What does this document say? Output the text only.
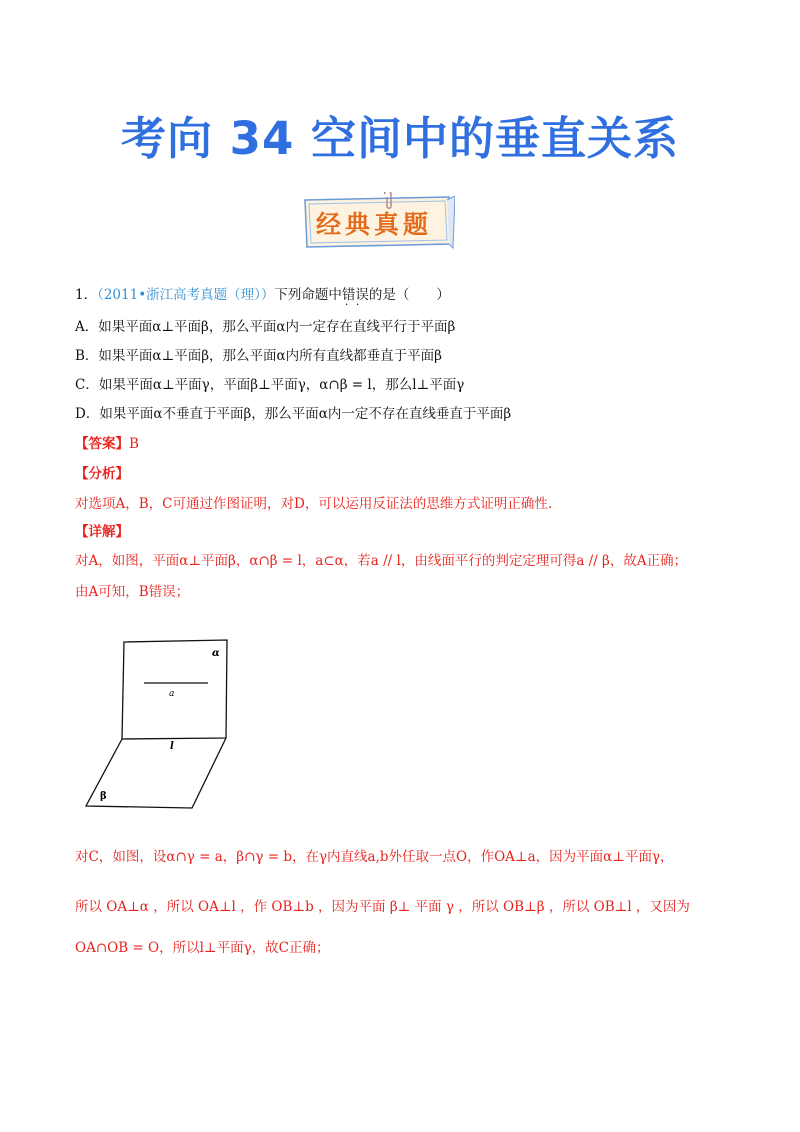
考向 34 空间中的垂直关系
经典真题
1．（2011•浙江高考真题（理））下列命题中错误 · ·的是（　　）
A．如果平面α⊥平面β，那么平面α内一定存在直线平行于平面β
B．如果平面α⊥平面β，那么平面α内所有直线都垂直于平面β
C．如果平面α⊥平面γ，平面β⊥平面γ，α∩β = l，那么l⊥平面γ
D．如果平面α不垂直于平面β，那么平面α内一定不存在直线垂直于平面β
【答案】B
【分析】
对选项A，B，C可通过作图证明，对D，可以运用反证法的思维方式证明正确性.
【详解】
对A，如图，平面α⊥平面β，α∩β = l，a⊂α，若a // l，由线面平行的判定定理可得a // β，故A正确；
由A可知，B错误；
α
a
l
β
对C，如图，设α∩γ = a，β∩γ = b，在γ内直线a,b外任取一点O，作OA⊥a，因为平面α⊥平面γ，
所以 OA⊥α ，所以 OA⊥l ，作 OB⊥b ，因为平面 β⊥ 平面 γ ，所以 OB⊥β ，所以 OB⊥l ，又因为
OA∩OB = O，所以l⊥平面γ，故C正确；
